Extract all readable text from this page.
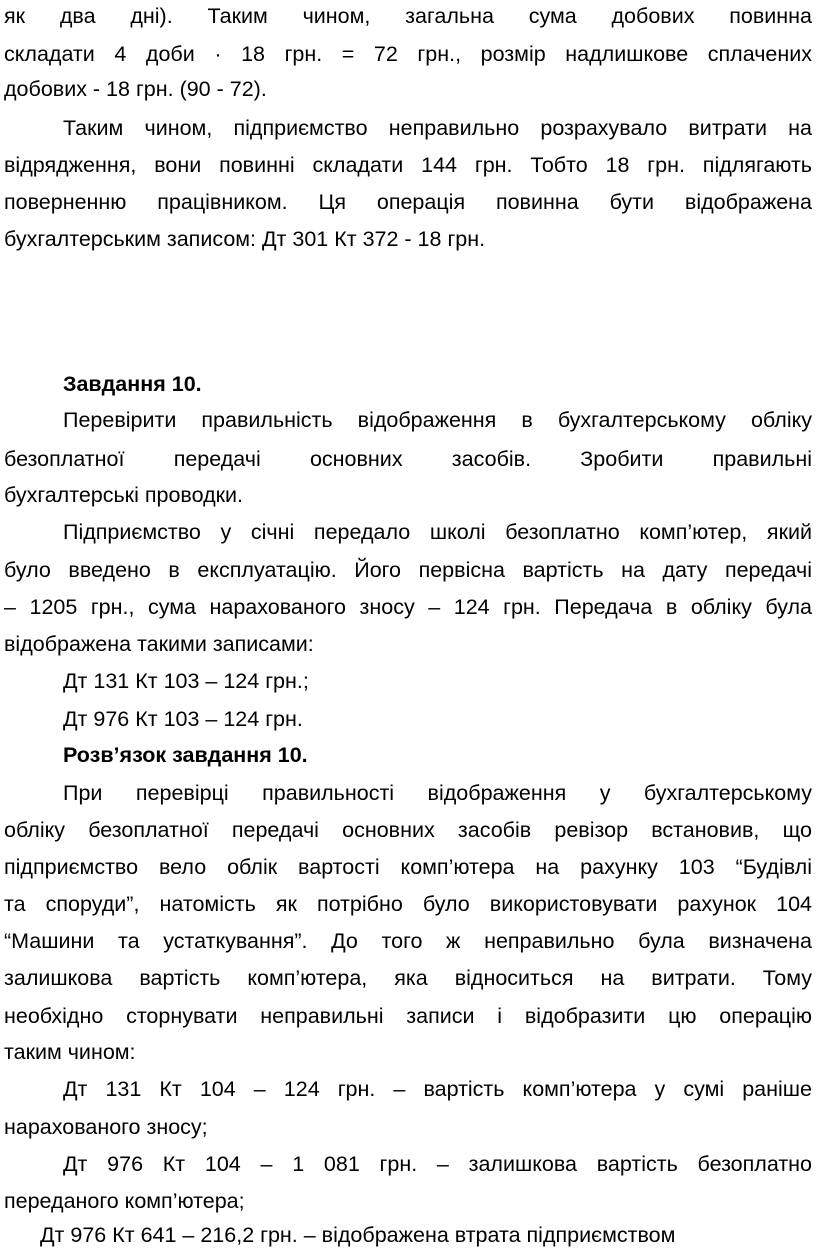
як два дні). Таким чином, загальна сума добових повинна
складати 4 доби · 18 грн. = 72 грн., розмір надлишкове сплачених
добових - 18 грн. (90 - 72).
Таким чином, підприємство неправильно розрахувало витрати на
відрядження, вони повинні складати 144 грн. Тобто 18 грн. підлягають
поверненню працівником. Ця операція повинна бути відображена
бухгалтерським записом: Дт 301 Кт 372 - 18 грн.
Завдання 10.
Перевірити правильність відображення в бухгалтерському обліку
безоплатної передачі основних засобів. Зробити правильні
бухгалтерські проводки.
Підприємство у січні передало школі безоплатно комп’ютер, який
було введено в експлуатацію. Його первісна вартість на дату передачі
– 1205 грн., сума нарахованого зносу – 124 грн. Передача в обліку була
відображена такими записами:
Дт 131 Кт 103 – 124 грн.;
Дт 976 Кт 103 – 124 грн.
Розв’язок завдання 10.
При перевірці правильності відображення у бухгалтерському
обліку безоплатної передачі основних засобів ревізор встановив, що
підприємство вело облік вартості комп’ютера на рахунку 103 “Будівлі
та споруди”, натомість як потрібно було використовувати рахунок 104
“Машини та устаткування”. До того ж неправильно була визначена
залишкова вартість комп’ютера, яка відноситься на витрати. Тому
необхідно сторнувати неправильні записи і відобразити цю операцію
таким чином:
Дт 131 Кт 104 – 124 грн. – вартість комп’ютера у сумі раніше
нарахованого зносу;
Дт 976 Кт 104 – 1 081 грн. – залишкова вартість безоплатно
переданого комп’ютера;
Дт 976 Кт 641 – 216,2 грн. – відображена втрата підприємством
